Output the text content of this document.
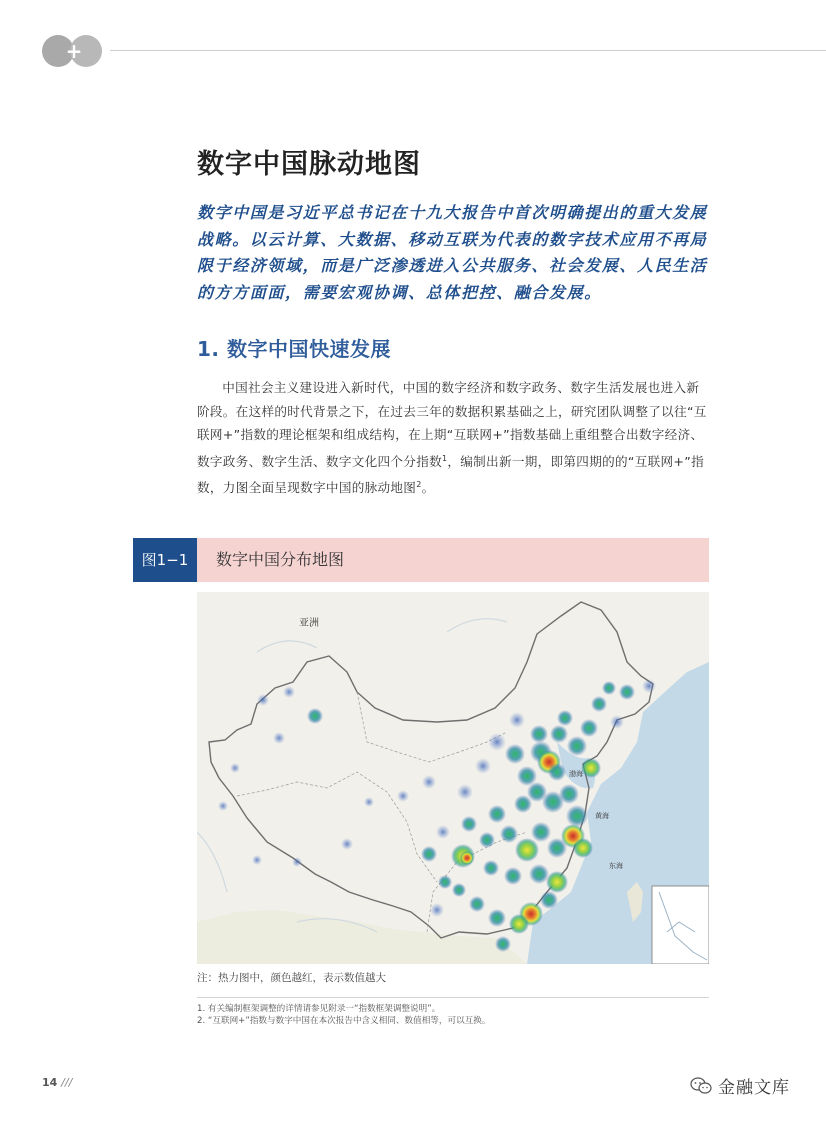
+
数字中国脉动地图

数字中国是习近平总书记在十九大报告中首次明确提出的重大发展战略。以云计算、大数据、移动互联为代表的数字技术应用不再局限于经济领域，而是广泛渗透进入公共服务、社会发展、人民生活的方方面面，需要宏观协调、总体把控、融合发展。

1. 数字中国快速发展

中国社会主义建设进入新时代，中国的数字经济和数字政务、数字生活发展也进入新阶段。在这样的时代背景之下，在过去三年的数据积累基础之上，研究团队调整了以往“互联网+”指数的理论框架和组成结构，在上期“互联网+”指数基础上重组整合出数字经济、数字政务、数字生活、数字文化四个分指数$^1$，编制出新一期，即第四期的的“互联网+”指数，力图全面呈现数字中国的脉动地图$^2$。

图1−1	数字中国分布地图
亚洲
渤海
黄海
东海
注：热力图中，颜色越红，表示数值越大
1. 有关编制框架调整的详情请参见附录一“指数框架调整说明”。
2. “互联网+”指数与数字中国在本次报告中含义相同、数值相等，可以互换。
14 ///	金融文库
